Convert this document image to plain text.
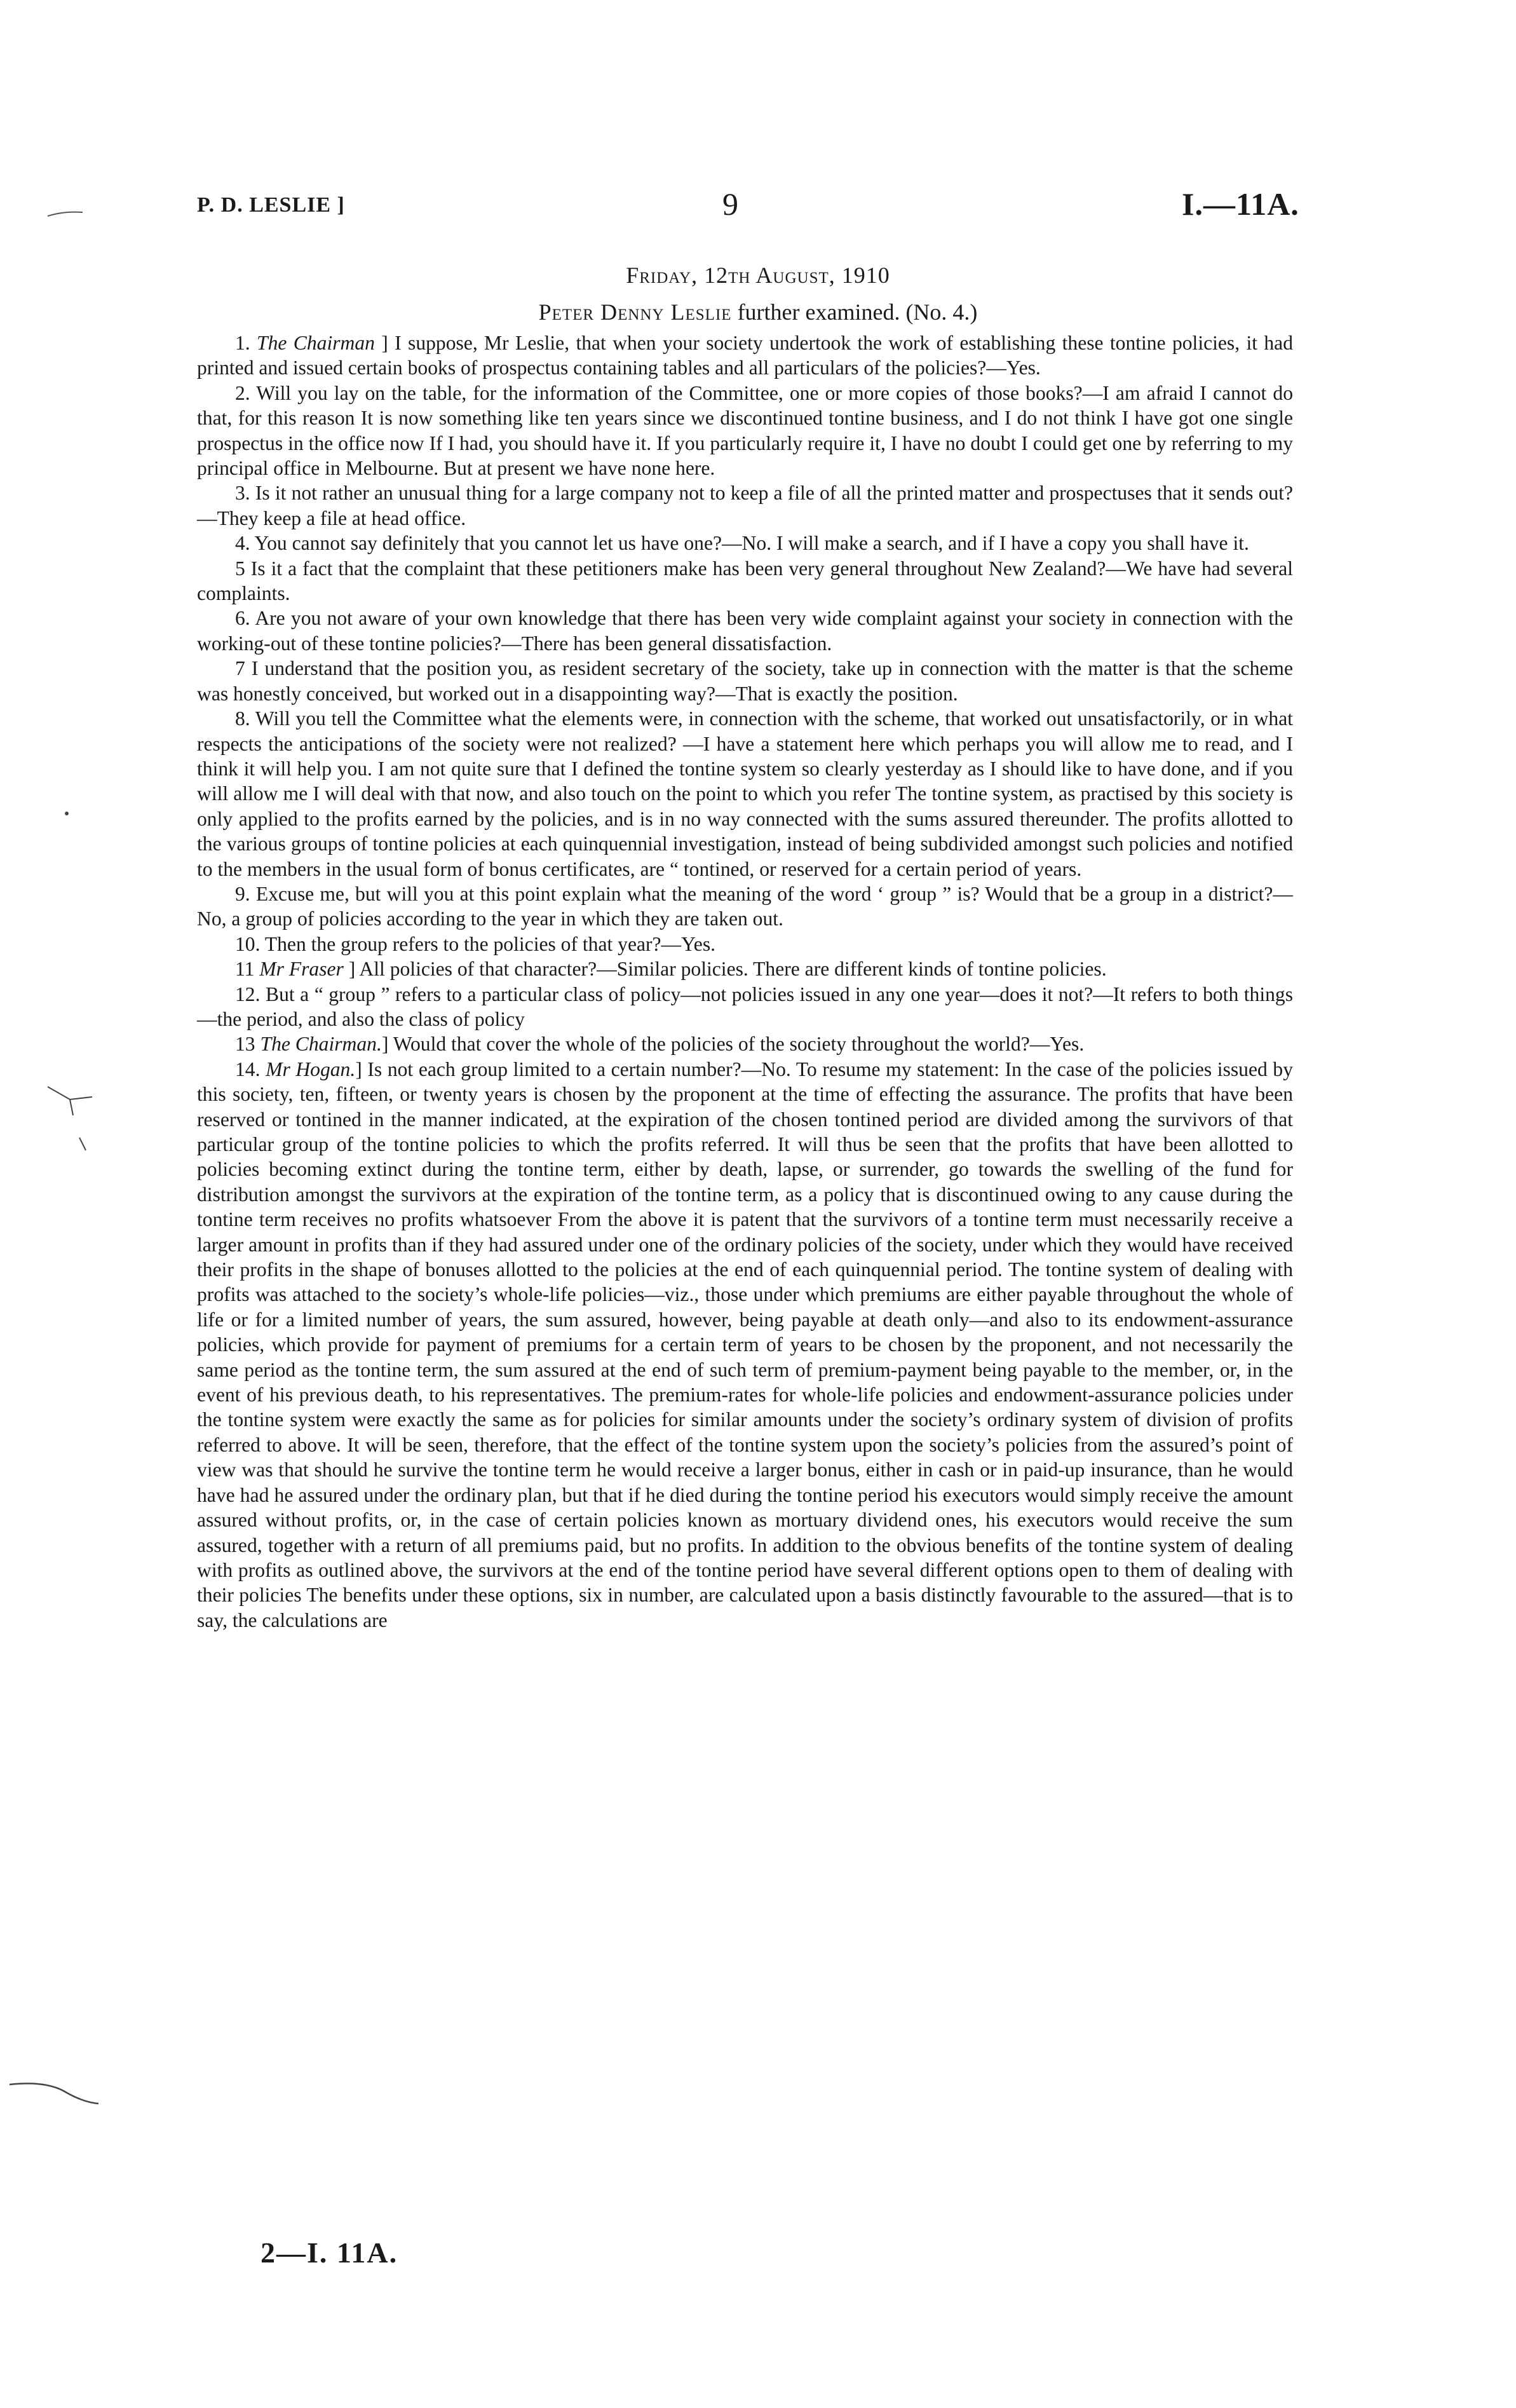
P. D. LESLIE ]	9	I.—11A.
Friday, 12th August, 1910
Peter Denny Leslie further examined. (No. 4.)

1. The Chairman ] I suppose, Mr Leslie, that when your society undertook the work of establishing these tontine policies, it had printed and issued certain books of prospectus containing tables and all particulars of the policies?—Yes.

2. Will you lay on the table, for the information of the Committee, one or more copies of those books?—I am afraid I cannot do that, for this reason It is now something like ten years since we discontinued tontine business, and I do not think I have got one single prospectus in the office now If I had, you should have it. If you particularly require it, I have no doubt I could get one by referring to my principal office in Melbourne. But at present we have none here.

3. Is it not rather an unusual thing for a large company not to keep a file of all the printed matter and prospectuses that it sends out?—They keep a file at head office.

4. You cannot say definitely that you cannot let us have one?—No. I will make a search, and if I have a copy you shall have it.

5 Is it a fact that the complaint that these petitioners make has been very general throughout New Zealand?—We have had several complaints.

6. Are you not aware of your own knowledge that there has been very wide complaint against your society in connection with the working-out of these tontine policies?—There has been general dissatisfaction.

7 I understand that the position you, as resident secretary of the society, take up in connection with the matter is that the scheme was honestly conceived, but worked out in a disappointing way?—That is exactly the position.

8. Will you tell the Committee what the elements were, in connection with the scheme, that worked out unsatisfactorily, or in what respects the anticipations of the society were not realized? —I have a statement here which perhaps you will allow me to read, and I think it will help you. I am not quite sure that I defined the tontine system so clearly yesterday as I should like to have done, and if you will allow me I will deal with that now, and also touch on the point to which you refer The tontine system, as practised by this society is only applied to the profits earned by the policies, and is in no way connected with the sums assured thereunder. The profits allotted to the various groups of tontine policies at each quinquennial investigation, instead of being subdivided amongst such policies and notified to the members in the usual form of bonus certificates, are “ tontined, or reserved for a certain period of years.

9. Excuse me, but will you at this point explain what the meaning of the word ‘ group ” is? Would that be a group in a district?—No, a group of policies according to the year in which they are taken out.

10. Then the group refers to the policies of that year?—Yes.

11 Mr Fraser ] All policies of that character?—Similar policies. There are different kinds of tontine policies.

12. But a “ group ” refers to a particular class of policy—not policies issued in any one year—does it not?—It refers to both things—the period, and also the class of policy

13 The Chairman.] Would that cover the whole of the policies of the society throughout the world?—Yes.

14. Mr Hogan.] Is not each group limited to a certain number?—No. To resume my statement: In the case of the policies issued by this society, ten, fifteen, or twenty years is chosen by the proponent at the time of effecting the assurance. The profits that have been reserved or tontined in the manner indicated, at the expiration of the chosen tontined period are divided among the survivors of that particular group of the tontine policies to which the profits referred. It will thus be seen that the profits that have been allotted to policies becoming extinct during the tontine term, either by death, lapse, or surrender, go towards the swelling of the fund for distribution amongst the survivors at the expiration of the tontine term, as a policy that is discontinued owing to any cause during the tontine term receives no profits whatsoever From the above it is patent that the survivors of a tontine term must necessarily receive a larger amount in profits than if they had assured under one of the ordinary policies of the society, under which they would have received their profits in the shape of bonuses allotted to the policies at the end of each quinquennial period. The tontine system of dealing with profits was attached to the society’s whole-life policies—viz., those under which premiums are either payable throughout the whole of life or for a limited number of years, the sum assured, however, being payable at death only—and also to its endowment-assurance policies, which provide for payment of premiums for a certain term of years to be chosen by the proponent, and not necessarily the same period as the tontine term, the sum assured at the end of such term of premium-payment being payable to the member, or, in the event of his previous death, to his representatives. The premium-rates for whole-life policies and endowment-assurance policies under the tontine system were exactly the same as for policies for similar amounts under the society’s ordinary system of division of profits referred to above. It will be seen, therefore, that the effect of the tontine system upon the society’s policies from the assured’s point of view was that should he survive the tontine term he would receive a larger bonus, either in cash or in paid-up insurance, than he would have had he assured under the ordinary plan, but that if he died during the tontine period his executors would simply receive the amount assured without profits, or, in the case of certain policies known as mortuary dividend ones, his executors would receive the sum assured, together with a return of all premiums paid, but no profits. In addition to the obvious benefits of the tontine system of dealing with profits as outlined above, the survivors at the end of the tontine period have several different options open to them of dealing with their policies The benefits under these options, six in number, are calculated upon a basis distinctly favourable to the assured—that is to say, the calculations are

2—I. 11A.
